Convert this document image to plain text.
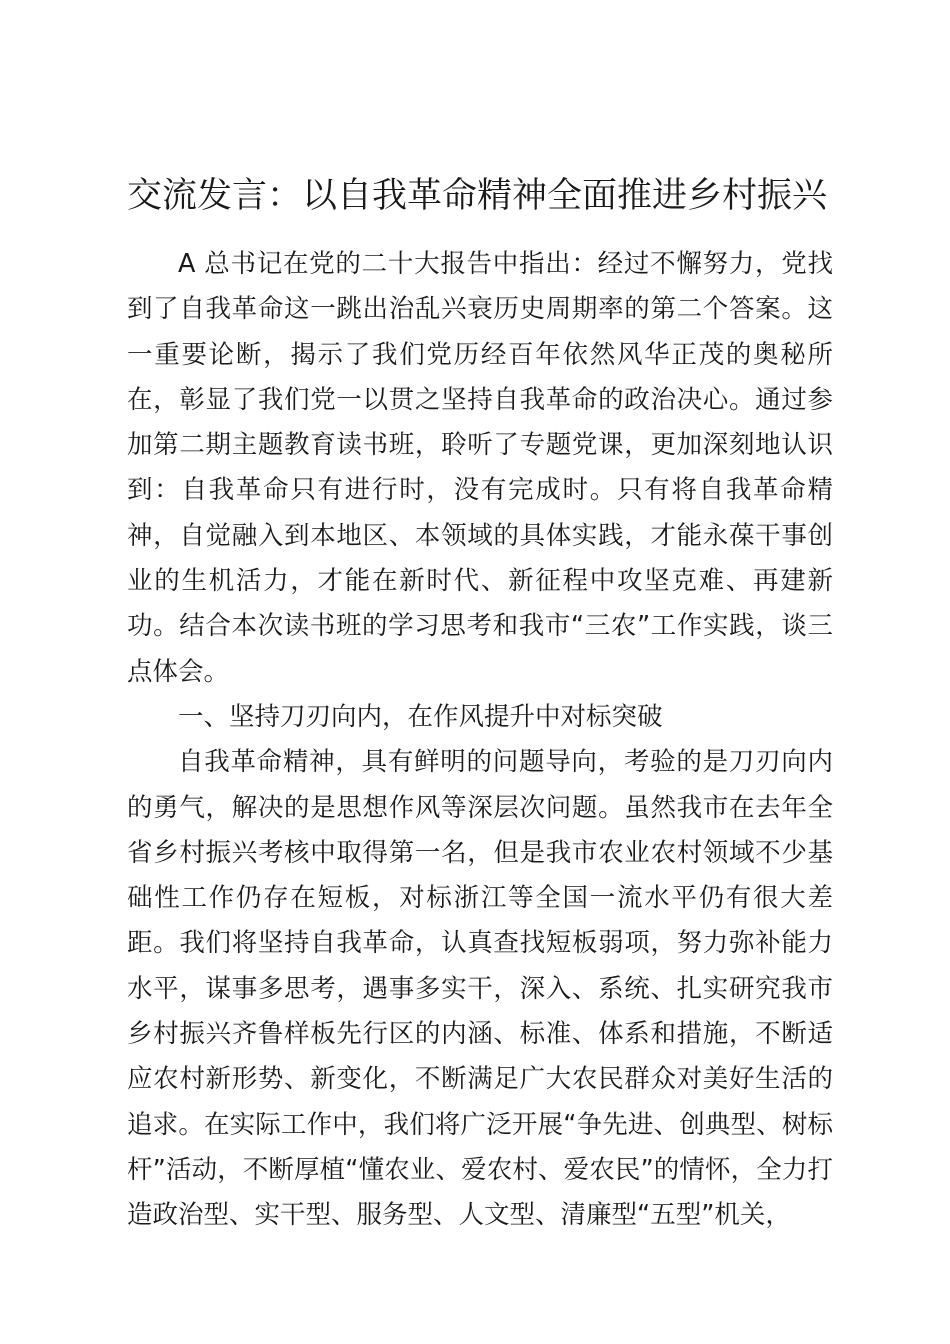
交流发言：以自我革命精神全面推进乡村振兴

A 总书记在党的二十大报告中指出：经过不懈努力，党找到了自我革命这一跳出治乱兴衰历史周期率的第二个答案。这一重要论断，揭示了我们党历经百年依然风华正茂的奥秘所在，彰显了我们党一以贯之坚持自我革命的政治决心。通过参加第二期主题教育读书班，聆听了专题党课，更加深刻地认识到：自我革命只有进行时，没有完成时。只有将自我革命精神，自觉融入到本地区、本领域的具体实践，才能永葆干事创业的生机活力，才能在新时代、新征程中攻坚克难、再建新功。结合本次读书班的学习思考和我市“三农”工作实践，谈三点体会。

一、坚持刀刃向内，在作风提升中对标突破

自我革命精神，具有鲜明的问题导向，考验的是刀刃向内的勇气，解决的是思想作风等深层次问题。虽然我市在去年全省乡村振兴考核中取得第一名，但是我市农业农村领域不少基础性工作仍存在短板，对标浙江等全国一流水平仍有很大差距。我们将坚持自我革命，认真查找短板弱项，努力弥补能力水平，谋事多思考，遇事多实干，深入、系统、扎实研究我市乡村振兴齐鲁样板先行区的内涵、标准、体系和措施，不断适应农村新形势、新变化，不断满足广大农民群众对美好生活的追求。在实际工作中，我们将广泛开展“争先进、创典型、树标杆”活动，不断厚植“懂农业、爱农村、爱农民”的情怀，全力打造政治型、实干型、服务型、人文型、清廉型“五型”机关，
